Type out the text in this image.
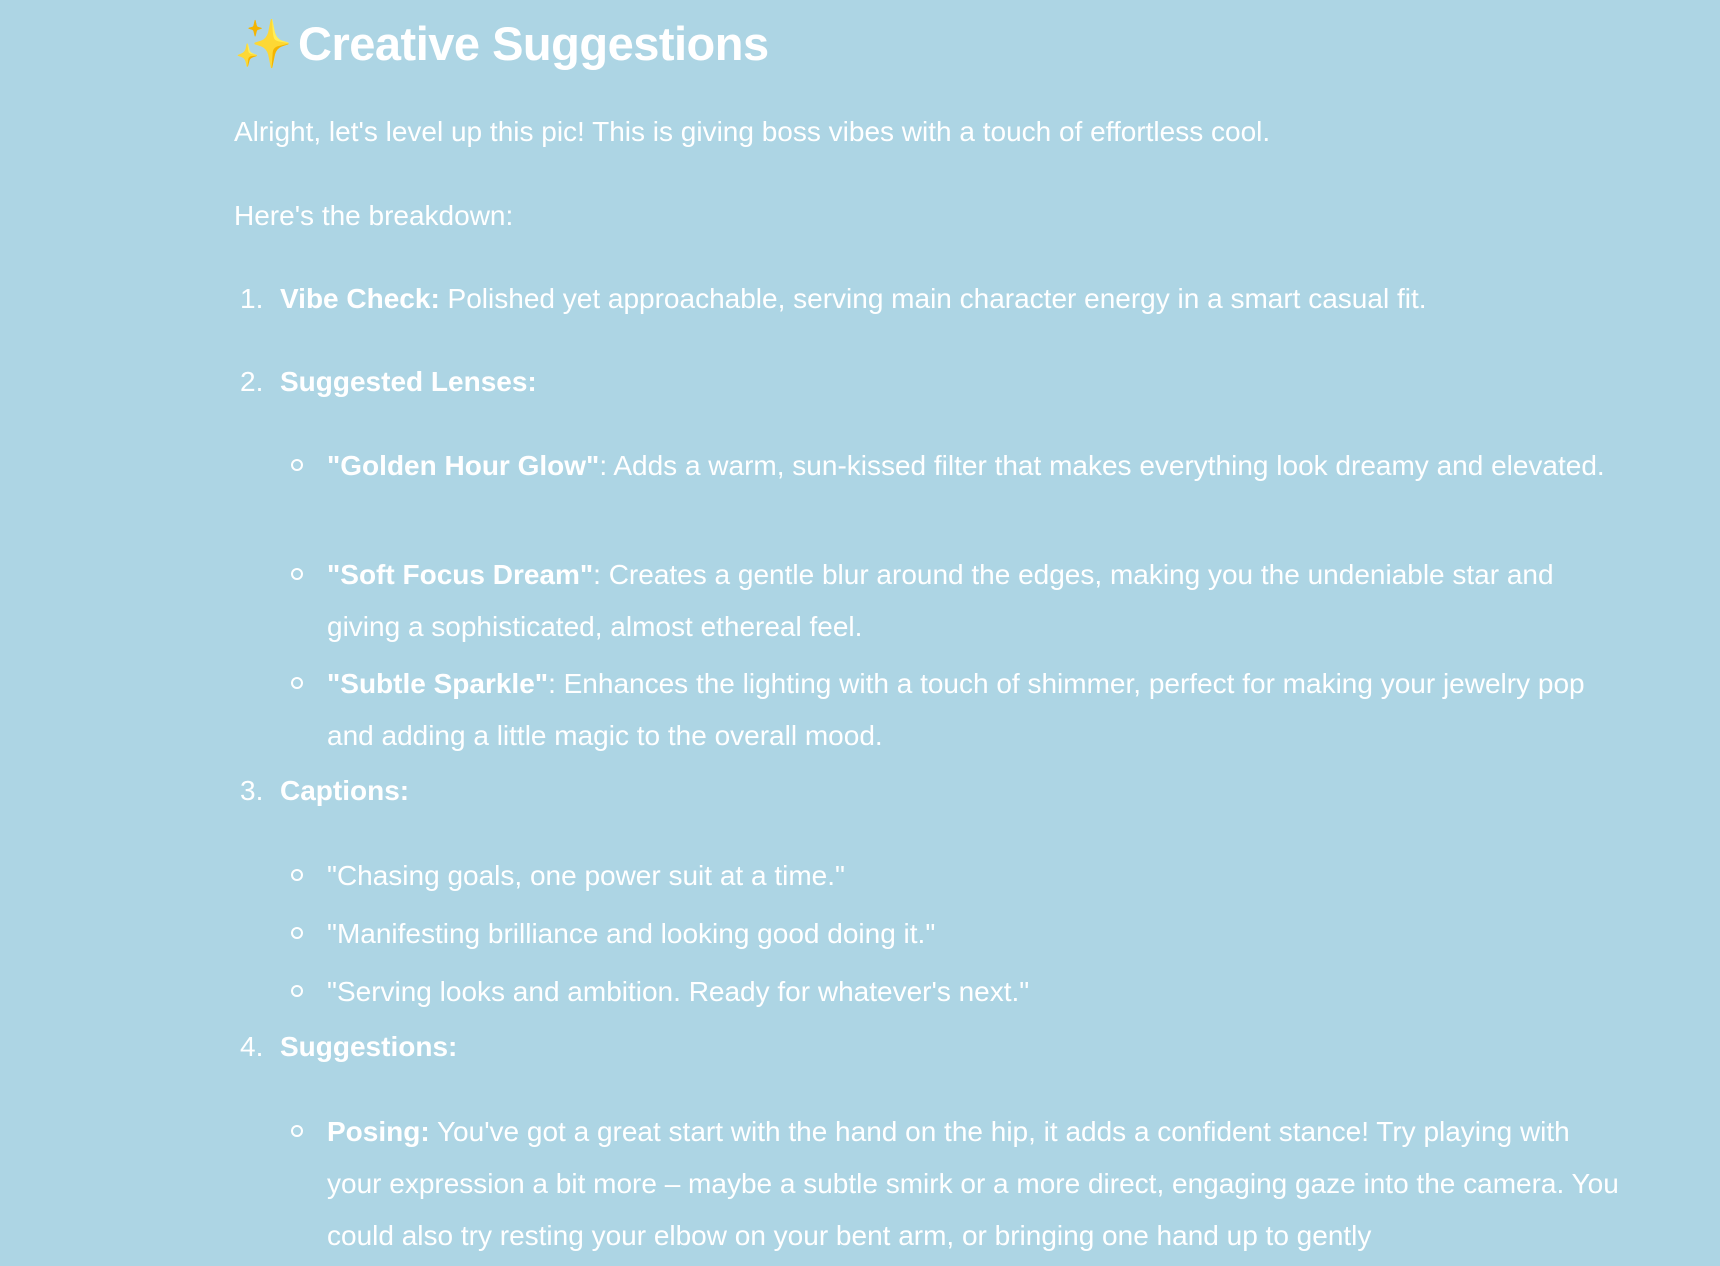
✨ Creative Suggestions

Alright, let's level up this pic! This is giving boss vibes with a touch of effortless cool.

Here's the breakdown:

1. Vibe Check: Polished yet approachable, serving main character energy in a smart casual fit.
2. Suggested Lenses:
"Golden Hour Glow": Adds a warm, sun-kissed filter that makes everything look dreamy and elevated.
"Soft Focus Dream": Creates a gentle blur around the edges, making you the undeniable star and giving a sophisticated, almost ethereal feel.
"Subtle Sparkle": Enhances the lighting with a touch of shimmer, perfect for making your jewelry pop and adding a little magic to the overall mood.
3. Captions:
"Chasing goals, one power suit at a time."
"Manifesting brilliance and looking good doing it."
"Serving looks and ambition. Ready for whatever's next."
4. Suggestions:
Posing: You've got a great start with the hand on the hip, it adds a confident stance! Try playing with your expression a bit more – maybe a subtle smirk or a more direct, engaging gaze into the camera. You could also try resting your elbow on your bent arm, or bringing one hand up to gently
